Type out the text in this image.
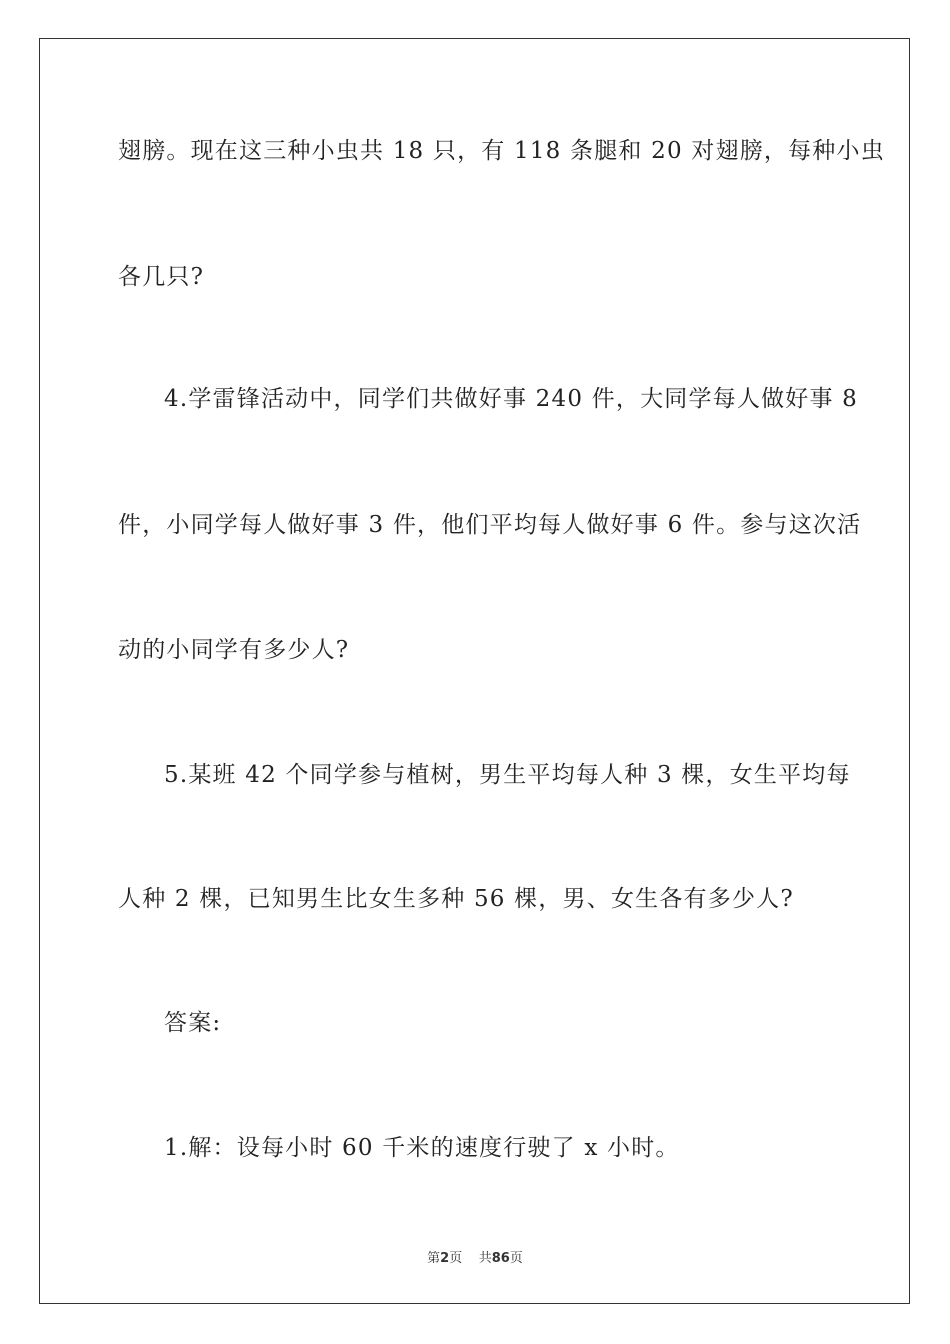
翅膀。现在这三种小虫共 18 只，有 118 条腿和 20 对翅膀，每种小虫
各几只?
4.学雷锋活动中，同学们共做好事 240 件，大同学每人做好事 8
件，小同学每人做好事 3 件，他们平均每人做好事 6 件。参与这次活
动的小同学有多少人?
5.某班 42 个同学参与植树，男生平均每人种 3 棵，女生平均每
人种 2 棵，已知男生比女生多种 56 棵，男、女生各有多少人?
答案:
1.解：设每小时 60 千米的速度行驶了 x 小时。
第2页 共86页
